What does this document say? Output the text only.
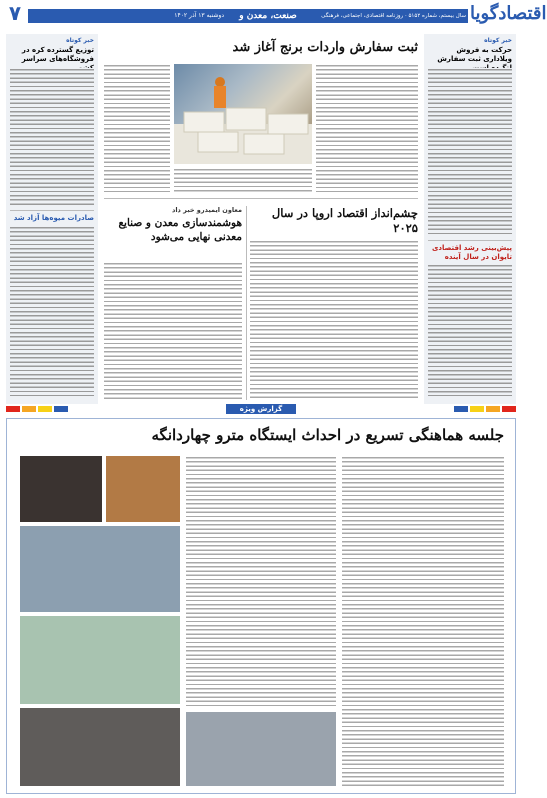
۷	دوشنبه ۱۳ آذر ۱۴۰۲	صنعت، معدن و تجارت
سال بیستم، شماره ۵۱۵۲ · روزنامه اقتصادی، اجتماعی، فرهنگی اقتصادگویا
خبر کوتاه
توزیع گسترده کره در فروشگاه‌های سراسر
صادرات میوه‌ها آزاد شد
خبر کوتاه
حرکت‌ به فروش ویلاداری ثبت سفارش
پیش‌بینی رشد اقتصادی تایوان در سال آینده
ثبت سفارش واردات برنج آغاز شد
چشم‌انداز اقتصاد اروپا در سال ۲۰۲۵
معاون ایمیدرو خبر داد
هوشمندسازی معدن و صنایع معدنی نهایی می‌شود
گزارش ویژه
جلسه هماهنگی تسریع در احداث ایستگاه مترو چهاردانگه
